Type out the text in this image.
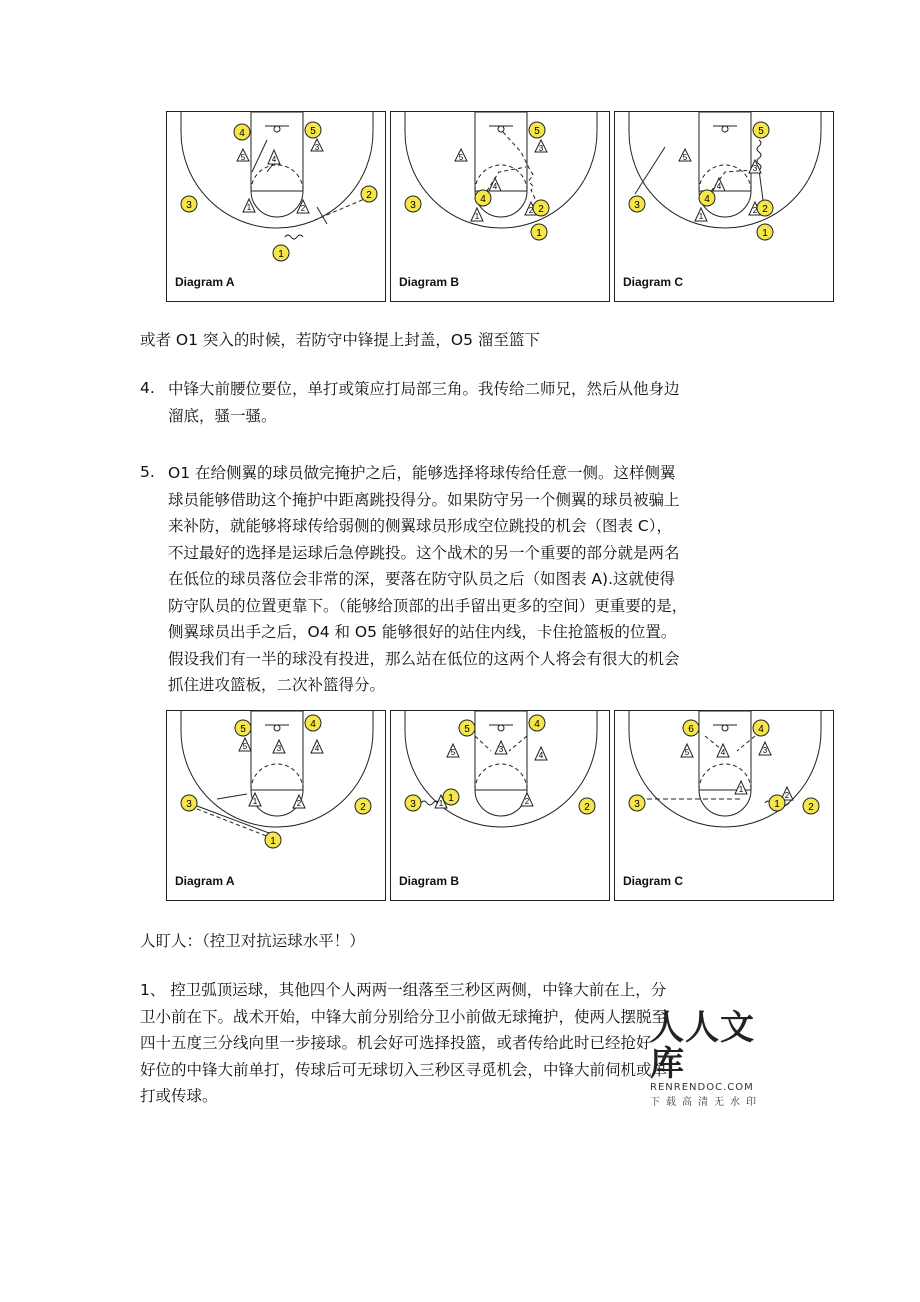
4	5
3
2
1
5
3
4
1	2
Diagram A
5
3
4
2
1
5
3
4
1
2
Diagram B
5
3
4
2
1
5
3
4
1
2
Diagram C
或者 O1 突入的时候，若防守中锋提上封盖，O5 溜至篮下
4. 中锋大前腰位要位，单打或策应打局部三角。我传给二师兄，然后从他身边
溜底，骚一骚。
5. O1 在给侧翼的球员做完掩护之后，能够选择将球传给任意一侧。这样侧翼
球员能够借助这个掩护中距离跳投得分。如果防守另一个侧翼的球员被骗上
来补防，就能够将球传给弱侧的侧翼球员形成空位跳投的机会（图表 C），
不过最好的选择是运球后急停跳投。这个战术的另一个重要的部分就是两名
在低位的球员落位会非常的深，要落在防守队员之后（如图表 A).这就使得
防守队员的位置更靠下。（能够给顶部的出手留出更多的空间）更重要的是，
侧翼球员出手之后，O4 和 O5 能够很好的站住内线，卡住抢篮板的位置。
假设我们有一半的球没有投进，那么站在低位的这两个人将会有很大的机会
抓住进攻篮板，二次补篮得分。
5	4
3	2
1
5	3	4
1	2
Diagram A
5	4
3	2
1
5	3
4
1	2
Diagram B
6	4
3	2
1
5	4	3
1
2
Diagram C
人盯人：（控卫对抗运球水平！）
1、 控卫弧顶运球，其他四个人两两一组落至三秒区两侧，中锋大前在上，分
卫小前在下。战术开始，中锋大前分别给分卫小前做无球掩护，使两人摆脱至
四十五度三分线向里一步接球。机会好可选择投篮，或者传给此时已经抢好
好位的中锋大前单打，传球后可无球切入三秒区寻觅机会，中锋大前伺机或单
打或传球。
人人文库
RENRENDOC.COM
下载高清无水印
